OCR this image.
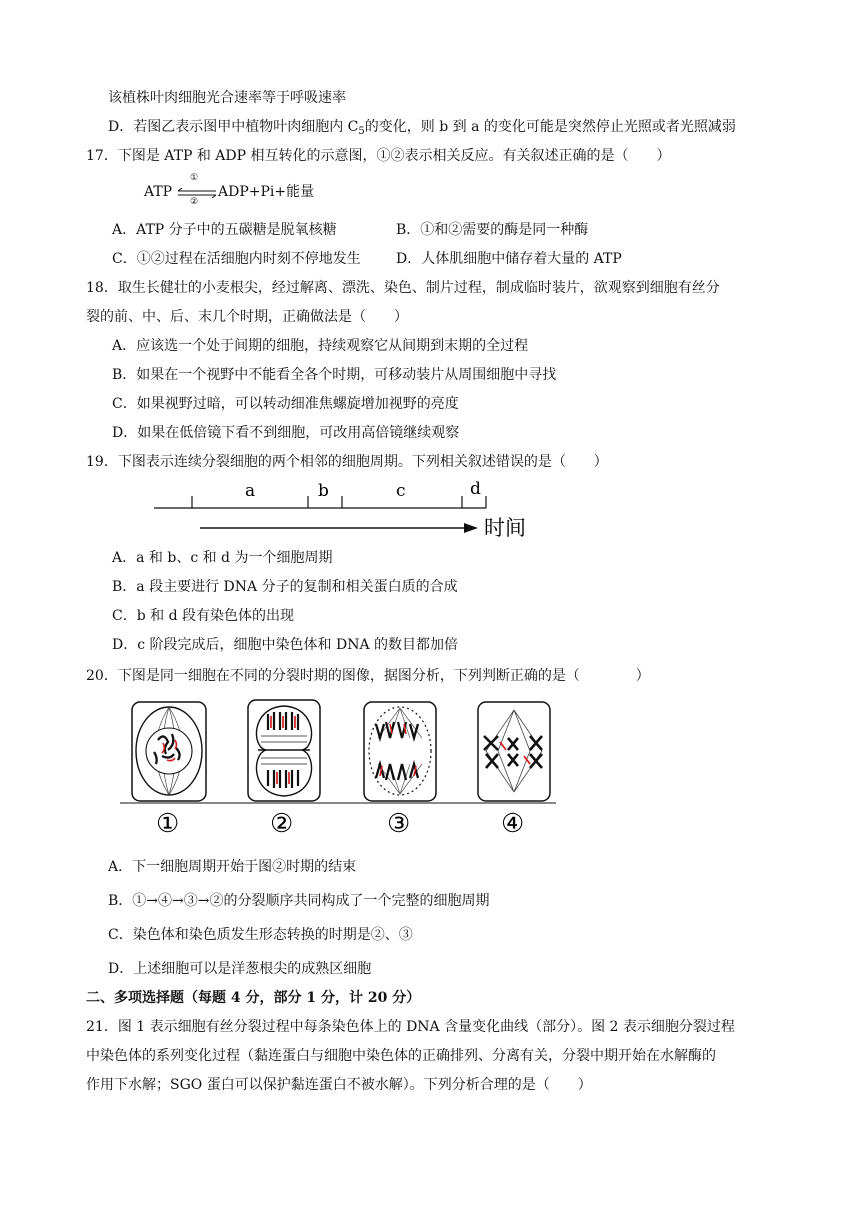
该植株叶肉细胞光合速率等于呼吸速率
D．若图乙表示图甲中植物叶肉细胞内 $C_5$的变化，则 b 到 a 的变化可能是突然停止光照或者光照减弱
17．下图是 ATP 和 ADP 相互转化的示意图，①②表示相关反应。有关叙述正确的是（　　）
ATP ⇌
①
②
ADP+Pi+能量
A．ATP 分子中的五碳糖是脱氧核糖	B．①和②需要的酶是同一种酶
C．①②过程在活细胞内时刻不停地发生	D．人体肌细胞中储存着大量的 ATP
18．取生长健壮的小麦根尖，经过解离、漂洗、染色、制片过程，制成临时装片，欲观察到细胞有丝分
裂的前、中、后、末几个时期，正确做法是（　　）
A．应该选一个处于间期的细胞，持续观察它从间期到末期的全过程
B．如果在一个视野中不能看全各个时期，可移动装片从周围细胞中寻找
C．如果视野过暗，可以转动细准焦螺旋增加视野的亮度
D．如果在低倍镜下看不到细胞，可改用高倍镜继续观察
19．下图表示连续分裂细胞的两个相邻的细胞周期。下列相关叙述错误的是（　　）
a	b	c	d
时间
A．a 和 b、c 和 d 为一个细胞周期
B．a 段主要进行 DNA 分子的复制和相关蛋白质的合成
C．b 和 d 段有染色体的出现
D．c 阶段完成后，细胞中染色体和 DNA 的数目都加倍
20．下图是同一细胞在不同的分裂时期的图像，据图分析，下列判断正确的是（　　　　）
①	②	③	④
A．下一细胞周期开始于图②时期的结束
B．①→④→③→②的分裂顺序共同构成了一个完整的细胞周期
C．染色体和染色质发生形态转换的时期是②、③
D．上述细胞可以是洋葱根尖的成熟区细胞
二、多项选择题（每题 4 分，部分 1 分，计 20 分）
21．图 1 表示细胞有丝分裂过程中每条染色体上的 DNA 含量变化曲线（部分）。图 2 表示细胞分裂过程
中染色体的系列变化过程（黏连蛋白与细胞中染色体的正确排列、分离有关，分裂中期开始在水解酶的
作用下水解；SGO 蛋白可以保护黏连蛋白不被水解）。下列分析合理的是（　　）
